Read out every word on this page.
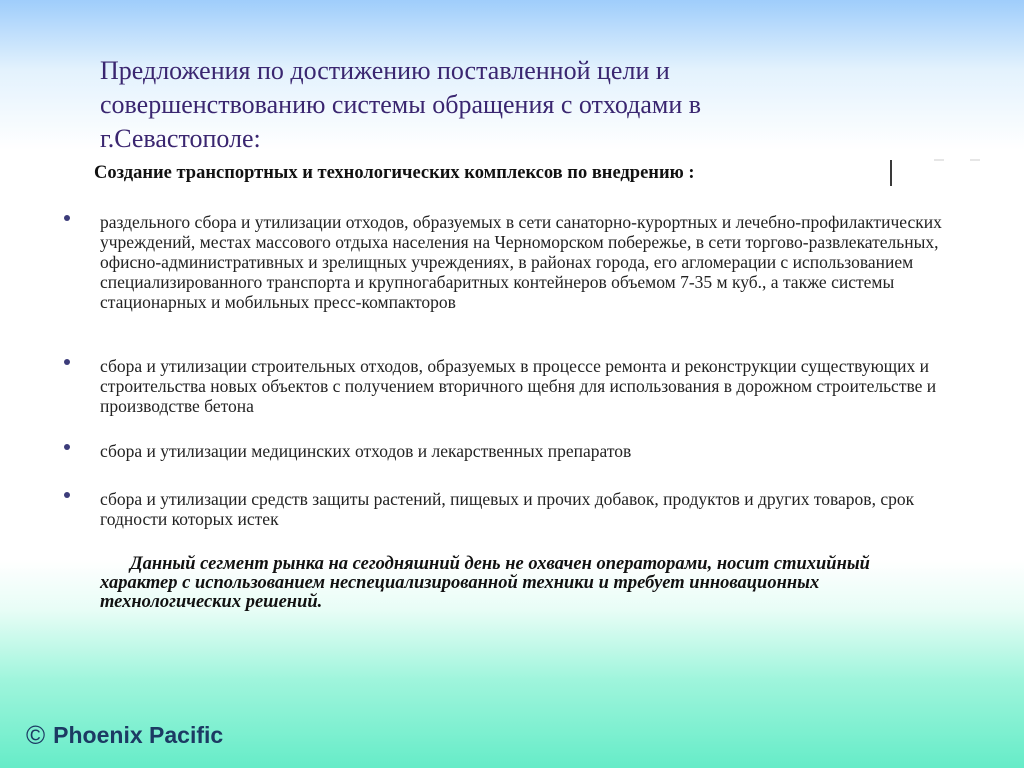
Предложения по достижению поставленной цели и
совершенствованию системы обращения с отходами в
г.Севастополе:

Создание транспортных и технологических комплексов по внедрению :

раздельного сбора и утилизации отходов, образуемых в сети санаторно-курортных и лечебно-профилактических учреждений, местах массового отдыха населения на Черноморском побережье, в сети торгово-развлекательных, офисно-административных и зрелищных учреждениях, в районах города, его агломерации с использованием специализированного транспорта и крупногабаритных контейнеров объемом 7-35 м куб., а также системы стационарных и мобильных пресс-компакторов
сбора и утилизации строительных отходов, образуемых в процессе ремонта и реконструкции существующих и строительства новых объектов с получением вторичного щебня для использования в дорожном строительстве и производстве бетона
сбора и утилизации медицинских отходов и лекарственных препаратов
сбора и утилизации средств защиты растений, пищевых и прочих добавок, продуктов и других товаров, срок годности которых истек

Данный сегмент рынка на сегодняшний день не охвачен операторами, носит стихийный характер с использованием неспециализированной техники и требует инновационных технологических решений.

© Phoenix Pacific
